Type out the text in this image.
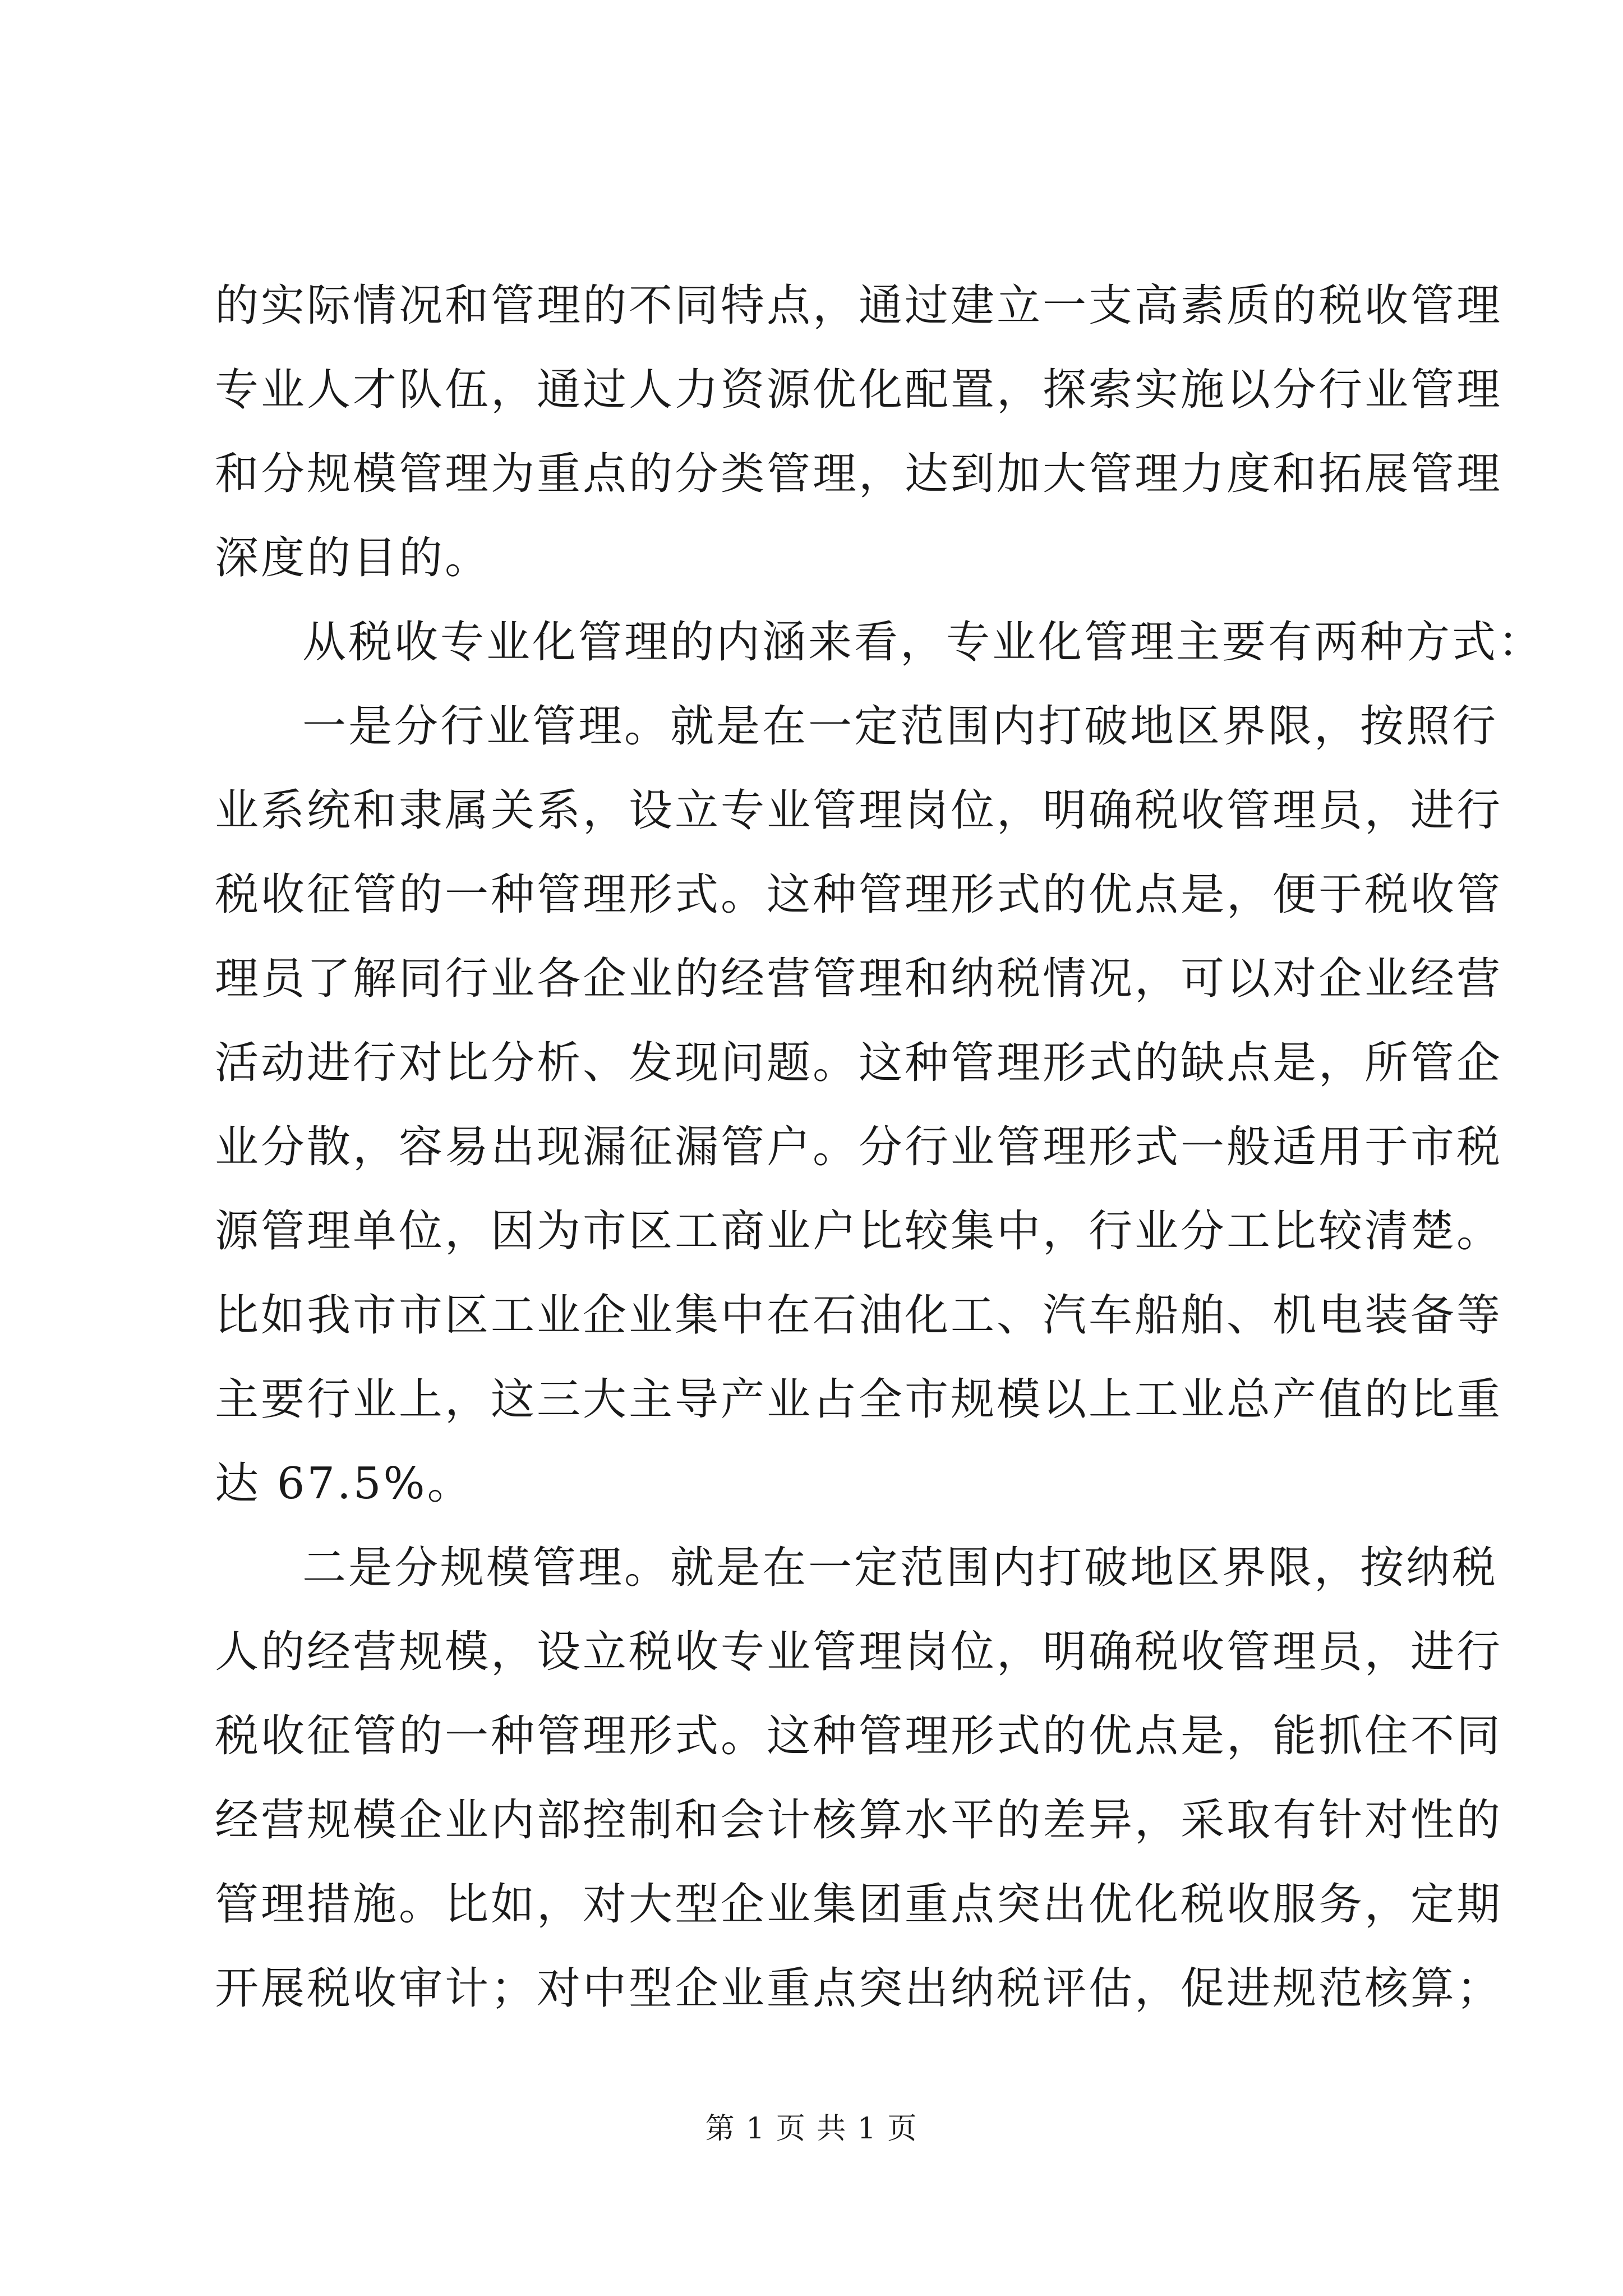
的实际情况和管理的不同特点，通过建立一支高素质的税收管理
专业人才队伍，通过人力资源优化配置，探索实施以分行业管理
和分规模管理为重点的分类管理，达到加大管理力度和拓展管理
深度的目的。
从税收专业化管理的内涵来看，专业化管理主要有两种方式：
一是分行业管理。就是在一定范围内打破地区界限，按照行
业系统和隶属关系，设立专业管理岗位，明确税收管理员，进行
税收征管的一种管理形式。这种管理形式的优点是，便于税收管
理员了解同行业各企业的经营管理和纳税情况，可以对企业经营
活动进行对比分析、发现问题。这种管理形式的缺点是，所管企
业分散，容易出现漏征漏管户。分行业管理形式一般适用于市税
源管理单位，因为市区工商业户比较集中，行业分工比较清楚。
比如我市市区工业企业集中在石油化工、汽车船舶、机电装备等
主要行业上，这三大主导产业占全市规模以上工业总产值的比重
达 67.5%。
二是分规模管理。就是在一定范围内打破地区界限，按纳税
人的经营规模，设立税收专业管理岗位，明确税收管理员，进行
税收征管的一种管理形式。这种管理形式的优点是，能抓住不同
经营规模企业内部控制和会计核算水平的差异，采取有针对性的
管理措施。比如，对大型企业集团重点突出优化税收服务，定期
开展税收审计；对中型企业重点突出纳税评估，促进规范核算；
第 1 页 共 1 页
